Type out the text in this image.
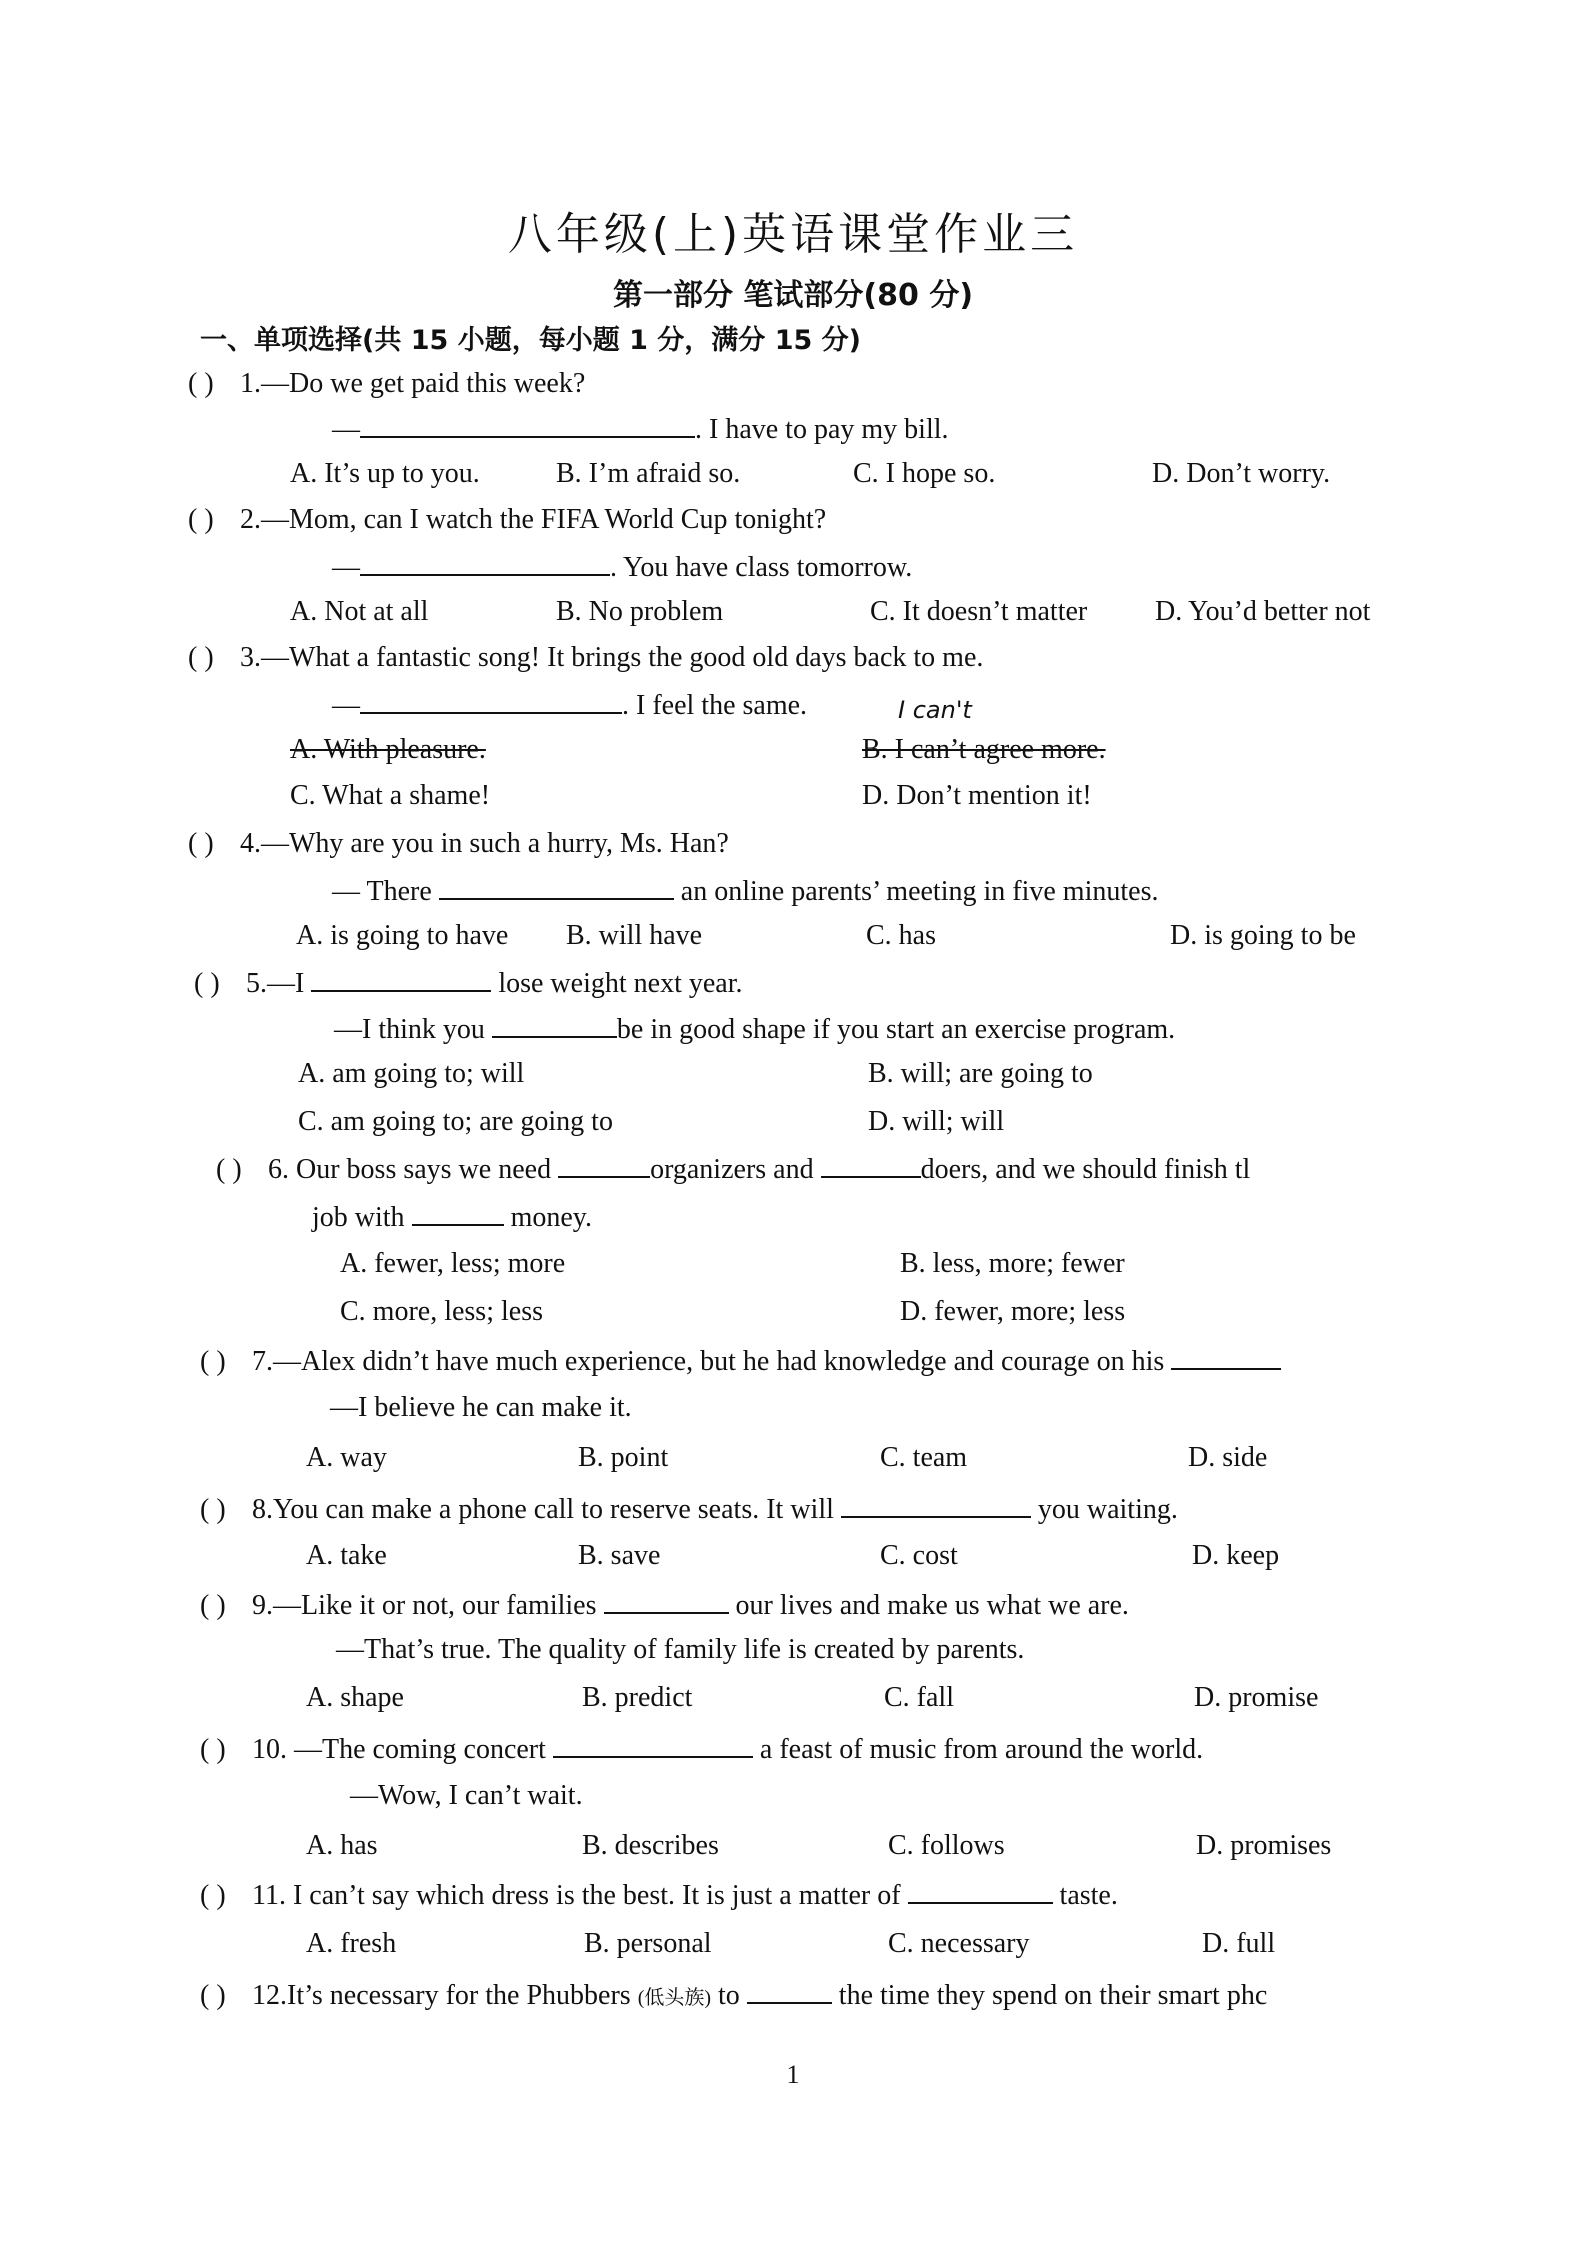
八年级(上)英语课堂作业三
第一部分 笔试部分(80 分)
一、单项选择(共 15 小题，每小题 1 分，满分 15 分)
( ) 1.—Do we get paid this week?
—	. I have to pay my bill.
A. It’s up to you.	B. I’m afraid so.	C. I hope so.	D. Don’t worry.
( ) 2.—Mom, can I watch the FIFA World Cup tonight?
—	. You have class tomorrow.
A. Not at all	B. No problem	C. It doesn’t matter D. You’d better not
( ) 3.—What a fantastic song! It brings the good old days back to me.
—	. I feel the same.	I can't
A. With pleasure.	B. I can’t agree more.
C. What a shame!	D. Don’t mention it!
( ) 4.—Why are you in such a hurry, Ms. Han?
— There	an online parents’ meeting in five minutes.
A. is going to have B. will have	C. has	D. is going to be
( ) 5.—I	lose weight next year.
—I think you	be in good shape if you start an exercise program.
A. am going to; will	B. will; are going to
C. am going to; are going to	D. will; will
( ) 6. Our boss says we need	organizers and	doers, and we should finish tl
job with	money.
A. fewer, less; more	B. less, more; fewer
C. more, less; less	D. fewer, more; less
( ) 7.—Alex didn’t have much experience, but he had knowledge and courage on his
—I believe he can make it.
A. way	B. point	C. team	D. side
( ) 8.You can make a phone call to reserve seats. It will	you waiting.
A. take	B. save	C. cost	D. keep
( ) 9.—Like it or not, our families	our lives and make us what we are.
—That’s true. The quality of family life is created by parents.
A. shape	B. predict	C. fall	D. promise
( ) 10. —The coming concert	a feast of music from around the world.
—Wow, I can’t wait.
A. has	B. describes	C. follows	D. promises
( ) 11. I can’t say which dress is the best. It is just a matter of	taste.
A. fresh	B. personal	C. necessary	D. full
( ) 12.It’s necessary for the Phubbers (低头族) to	the time they spend on their smart phc
1
